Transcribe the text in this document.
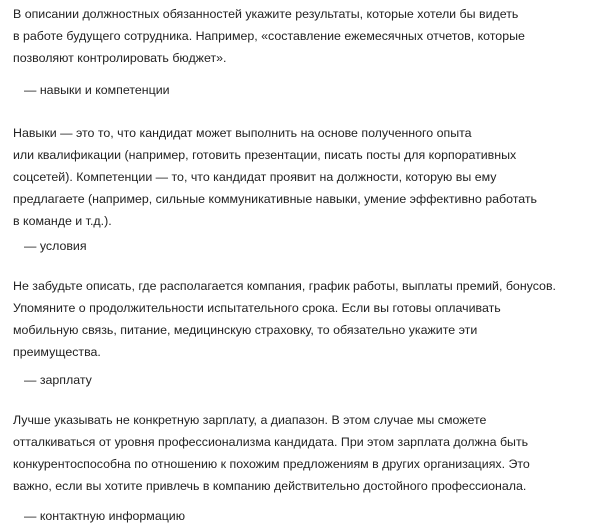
В описании должностных обязанностей укажите результаты, которые хотели бы видеть
в работе будущего сотрудника. Например, «составление ежемесячных отчетов, которые
позволяют контролировать бюджет».

— навыки и компетенции

Навыки — это то, что кандидат может выполнить на основе полученного опыта
или квалификации (например, готовить презентации, писать посты для корпоративных
соцсетей). Компетенции — то, что кандидат проявит на должности, которую вы ему
предлагаете (например, сильные коммуникативные навыки, умение эффективно работать
в команде и т.д.).

— условия

Не забудьте описать, где располагается компания, график работы, выплаты премий, бонусов.
Упомяните о продолжительности испытательного срока. Если вы готовы оплачивать
мобильную связь, питание, медицинскую страховку, то обязательно укажите эти
преимущества.

— зарплату

Лучше указывать не конкретную зарплату, а диапазон. В этом случае мы сможете
отталкиваться от уровня профессионализма кандидата. При этом зарплата должна быть
конкурентоспособна по отношению к похожим предложениям в других организациях. Это
важно, если вы хотите привлечь в компанию действительно достойного профессионала.

— контактную информацию
